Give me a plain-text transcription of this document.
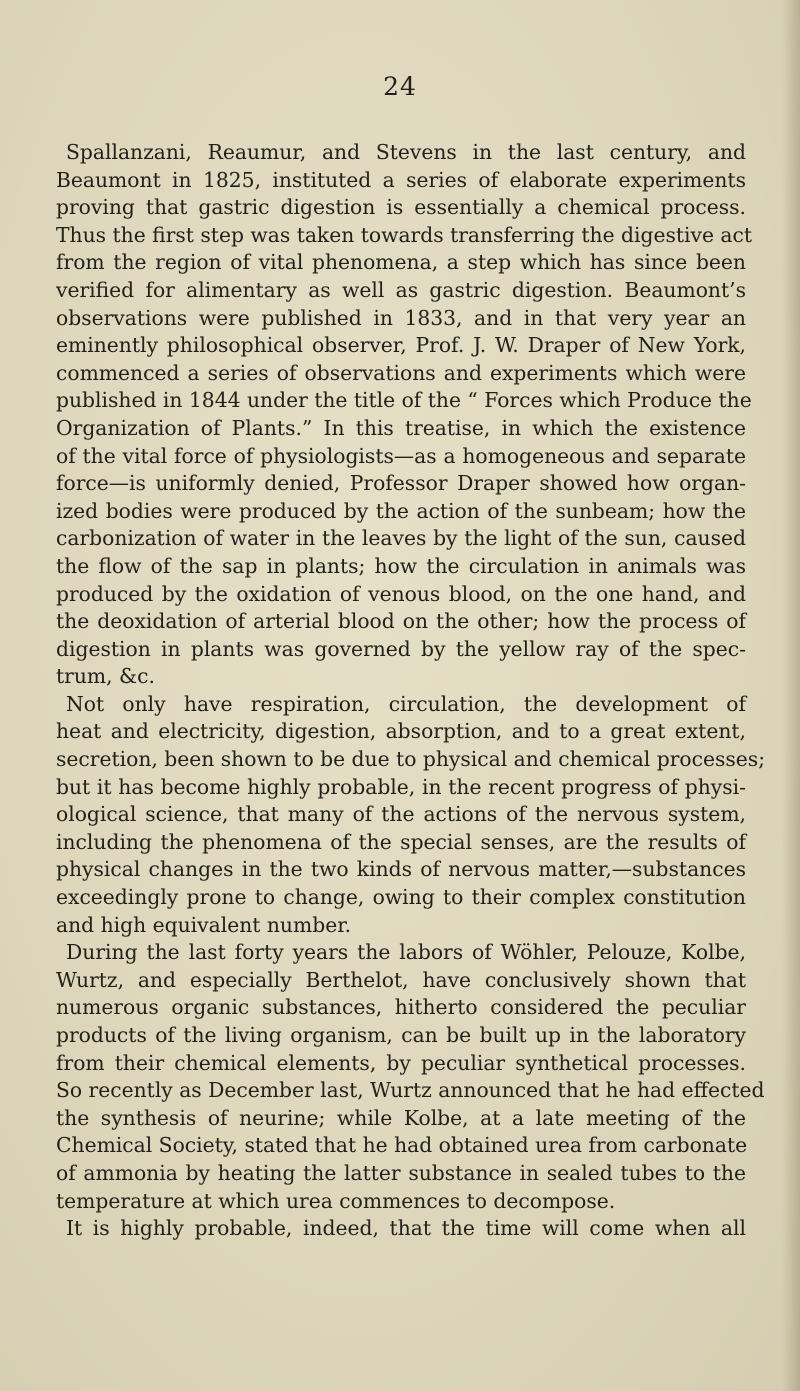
24
Spallanzani, Reaumur, and Stevens in the last century, and
Beaumont in 1825, instituted a series of elaborate experiments
proving that gastric digestion is essentially a chemical process.
Thus the first step was taken towards transferring the digestive act
from the region of vital phenomena, a step which has since been
verified for alimentary as well as gastric digestion. Beaumont’s
observations were published in 1833, and in that very year an
eminently philosophical observer, Prof. J. W. Draper of New York,
commenced a series of observations and experiments which were
published in 1844 under the title of the “ Forces which Produce the
Organization of Plants.” In this treatise, in which the existence
of the vital force of physiologists—as a homogeneous and separate
force—is uniformly denied, Professor Draper showed how organ-
ized bodies were produced by the action of the sunbeam; how the
carbonization of water in the leaves by the light of the sun, caused
the flow of the sap in plants; how the circulation in animals was
produced by the oxidation of venous blood, on the one hand, and
the deoxidation of arterial blood on the other; how the process of
digestion in plants was governed by the yellow ray of the spec-
trum, &c.
Not only have respiration, circulation, the development of
heat and electricity, digestion, absorption, and to a great extent,
secretion, been shown to be due to physical and chemical processes;
but it has become highly probable, in the recent progress of physi-
ological science, that many of the actions of the nervous system,
including the phenomena of the special senses, are the results of
physical changes in the two kinds of nervous matter,—substances
exceedingly prone to change, owing to their complex constitution
and high equivalent number.
During the last forty years the labors of Wöhler, Pelouze, Kolbe,
Wurtz, and especially Berthelot, have conclusively shown that
numerous organic substances, hitherto considered the peculiar
products of the living organism, can be built up in the laboratory
from their chemical elements, by peculiar synthetical processes.
So recently as December last, Wurtz announced that he had effected
the synthesis of neurine; while Kolbe, at a late meeting of the
Chemical Society, stated that he had obtained urea from carbonate
of ammonia by heating the latter substance in sealed tubes to the
temperature at which urea commences to decompose.
It is highly probable, indeed, that the time will come when all
